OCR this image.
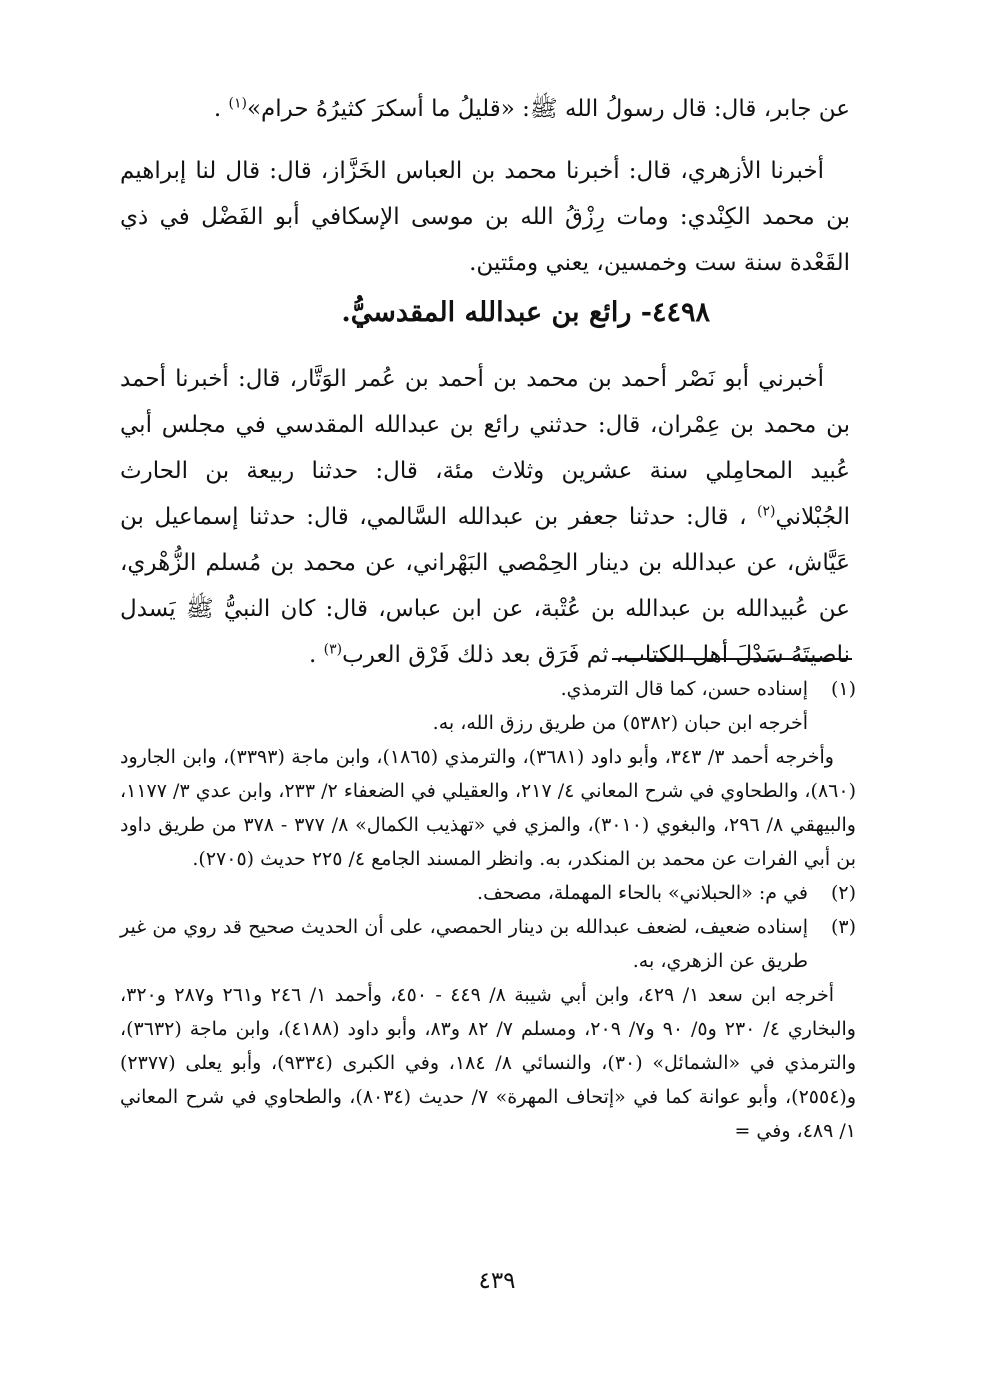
عن جابر، قال: قال رسولُ الله ﷺ: «قليلُ ما أسكرَ كثيرُهُ حرام»$^{(١)}$ .

أخبرنا الأزهري، قال: أخبرنا محمد بن العباس الخَزَّاز، قال: قال لنا إبراهيم بن محمد الكِنْدي: ومات رِزْقُ الله بن موسى الإسكافي أبو الفَضْل في ذي القَعْدة سنة ست وخمسين، يعني ومئتين.

٤٤٩٨- رائع بن عبدالله المقدسيُّ.

أخبرني أبو نَصْر أحمد بن محمد بن أحمد بن عُمر الوَتَّار، قال: أخبرنا أحمد بن محمد بن عِمْران، قال: حدثني رائع بن عبدالله المقدسي في مجلس أبي عُبيد المحامِلي سنة عشرين وثلاث مئة، قال: حدثنا ربيعة بن الحارث الجُبْلاني$^{(٢)}$ ، قال: حدثنا جعفر بن عبدالله السَّالمي، قال: حدثنا إسماعيل بن عَيَّاش، عن عبدالله بن دينار الحِمْصي البَهْراني، عن محمد بن مُسلم الزُّهْري، عن عُبيدالله بن عبدالله بن عُتْبة، عن ابن عباس، قال: كان النبيُّ ﷺ يَسدل ناصيتَهُ سَدْلَ أهل الكتاب، ثم فَرَق بعد ذلك فَرْق العرب$^{(٣)}$ .

(١)

إسناده حسن، كما قال الترمذي.

أخرجه ابن حبان (٥٣٨٢) من طريق رزق الله، به.

وأخرجه أحمد ٣/ ٣٤٣، وأبو داود (٣٦٨١)، والترمذي (١٨٦٥)، وابن ماجة (٣٣٩٣)، وابن الجارود (٨٦٠)، والطحاوي في شرح المعاني ٤/ ٢١٧، والعقيلي في الضعفاء ٢/ ٢٣٣، وابن عدي ٣/ ١١٧٧، والبيهقي ٨/ ٢٩٦، والبغوي (٣٠١٠)، والمزي في «تهذيب الكمال» ٨/ ٣٧٧ - ٣٧٨ من طريق داود بن أبي الفرات عن محمد بن المنكدر، به. وانظر المسند الجامع ٤/ ٢٢٥ حديث (٢٧٠٥).

(٢)

في م: «الحبلاني» بالحاء المهملة، مصحف.

(٣)

إسناده ضعيف، لضعف عبدالله بن دينار الحمصي، على أن الحديث صحيح قد روي من غير طريق عن الزهري، به.

أخرجه ابن سعد ١/ ٤٢٩، وابن أبي شيبة ٨/ ٤٤٩ - ٤٥٠، وأحمد ١/ ٢٤٦ و٢٦١ و٢٨٧ و٣٢٠، والبخاري ٤/ ٢٣٠ و٥/ ٩٠ و٧/ ٢٠٩، ومسلم ٧/ ٨٢ و٨٣، وأبو داود (٤١٨٨)، وابن ماجة (٣٦٣٢)، والترمذي في «الشمائل» (٣٠)، والنسائي ٨/ ١٨٤، وفي الكبرى (٩٣٣٤)، وأبو يعلى (٢٣٧٧) و(٢٥٥٤)، وأبو عوانة كما في «إتحاف المهرة» ٧/ حديث (٨٠٣٤)، والطحاوي في شرح المعاني ١/ ٤٨٩، وفي =

٤٣٩
